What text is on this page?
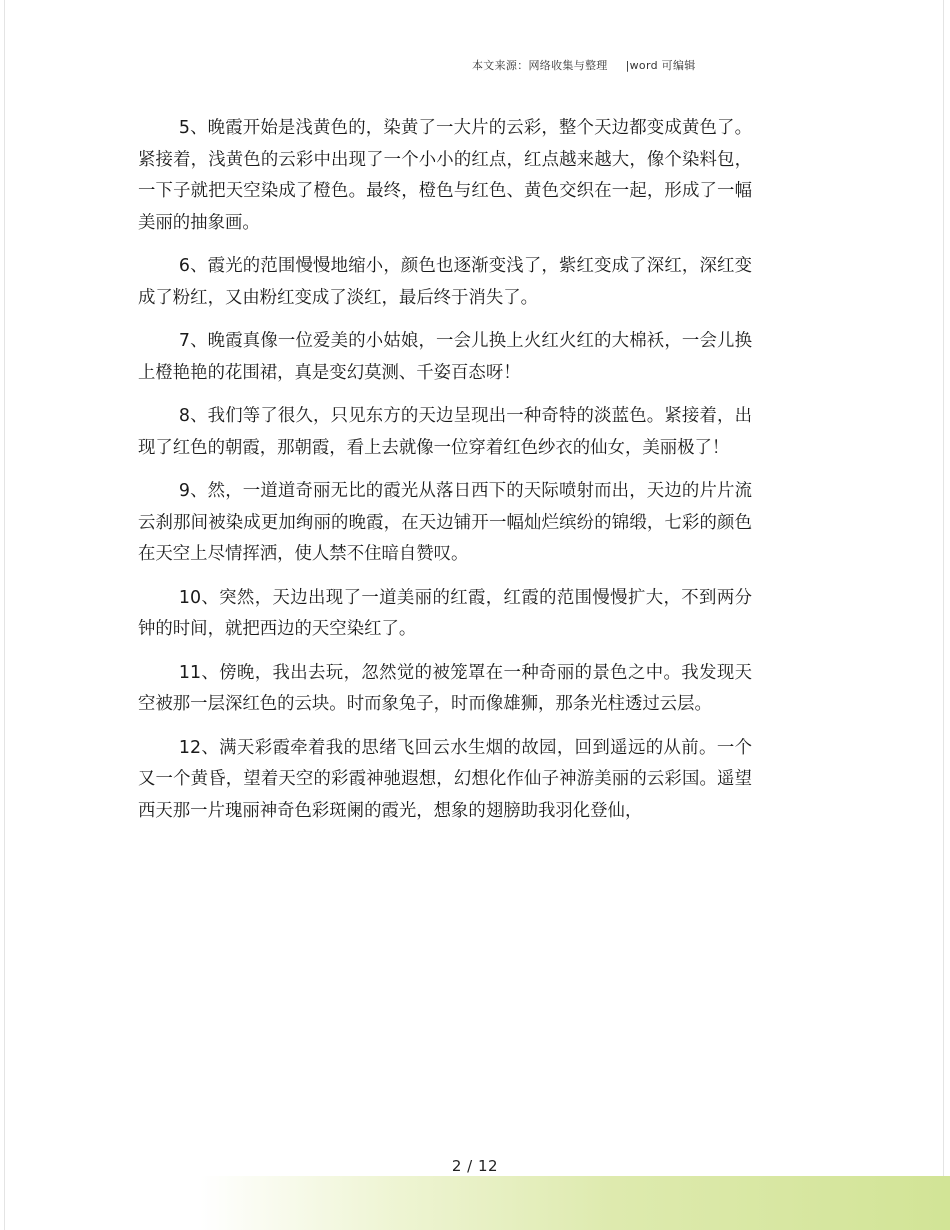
本文来源：网络收集与整理 |word 可编辑

5、晚霞开始是浅黄色的，染黄了一大片的云彩，整个天边都变成黄色了。紧接着，浅黄色的云彩中出现了一个小小的红点，红点越来越大，像个染料包，一下子就把天空染成了橙色。最终，橙色与红色、黄色交织在一起，形成了一幅美丽的抽象画。

6、霞光的范围慢慢地缩小，颜色也逐渐变浅了，紫红变成了深红，深红变成了粉红，又由粉红变成了淡红，最后终于消失了。

7、晚霞真像一位爱美的小姑娘，一会儿换上火红火红的大棉袄，一会儿换上橙艳艳的花围裙，真是变幻莫测、千姿百态呀！

8、我们等了很久，只见东方的天边呈现出一种奇特的淡蓝色。紧接着，出现了红色的朝霞，那朝霞，看上去就像一位穿着红色纱衣的仙女，美丽极了！

9、然，一道道奇丽无比的霞光从落日西下的天际喷射而出，天边的片片流云刹那间被染成更加绚丽的晚霞，在天边铺开一幅灿烂缤纷的锦缎，七彩的颜色在天空上尽情挥洒，使人禁不住暗自赞叹。

10、突然，天边出现了一道美丽的红霞，红霞的范围慢慢扩大，不到两分钟的时间，就把西边的天空染红了。

11、傍晚，我出去玩，忽然觉的被笼罩在一种奇丽的景色之中。我发现天空被那一层深红色的云块。时而象兔子，时而像雄狮，那条光柱透过云层。

12、满天彩霞牵着我的思绪飞回云水生烟的故园，回到遥远的从前。一个又一个黄昏，望着天空的彩霞神驰遐想，幻想化作仙子神游美丽的云彩国。遥望西天那一片瑰丽神奇色彩斑阑的霞光，想象的翅膀助我羽化登仙，

2 / 12
